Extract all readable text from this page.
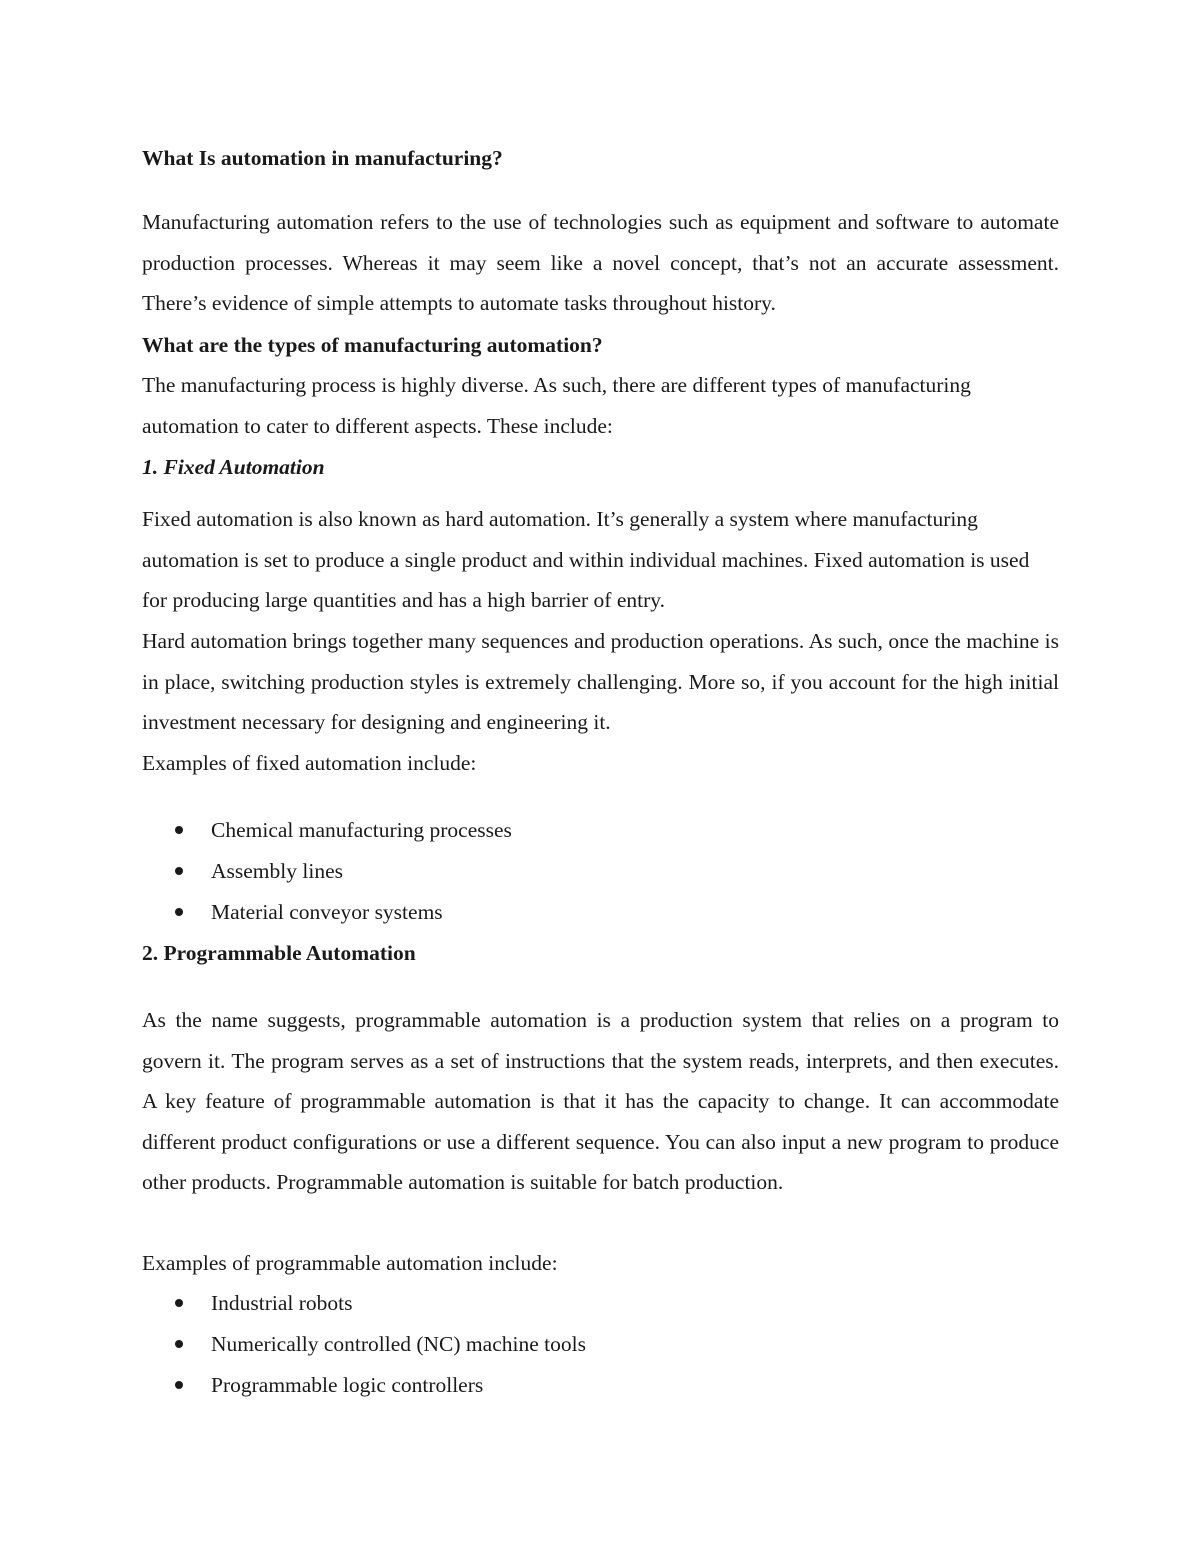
What Is automation in manufacturing?

Manufacturing automation refers to the use of technologies such as equipment and software to automate production processes. Whereas it may seem like a novel concept, that’s not an accurate assessment. There’s evidence of simple attempts to automate tasks throughout history.

What are the types of manufacturing automation?

The manufacturing process is highly diverse. As such, there are different types of manufacturing automation to cater to different aspects. These include:

1. Fixed Automation

Fixed automation is also known as hard automation. It’s generally a system where manufacturing automation is set to produce a single product and within individual machines. Fixed automation is used for producing large quantities and has a high barrier of entry.

Hard automation brings together many sequences and production operations. As such, once the machine is in place, switching production styles is extremely challenging. More so, if you account for the high initial investment necessary for designing and engineering it.

Examples of fixed automation include:

Chemical manufacturing processes
Assembly lines
Material conveyor systems

2. Programmable Automation

As the name suggests, programmable automation is a production system that relies on a program to govern it. The program serves as a set of instructions that the system reads, interprets, and then executes. A key feature of programmable automation is that it has the capacity to change. It can accommodate different product configurations or use a different sequence. You can also input a new program to produce other products. Programmable automation is suitable for batch production.

Examples of programmable automation include:

Industrial robots
Numerically controlled (NC) machine tools
Programmable logic controllers
